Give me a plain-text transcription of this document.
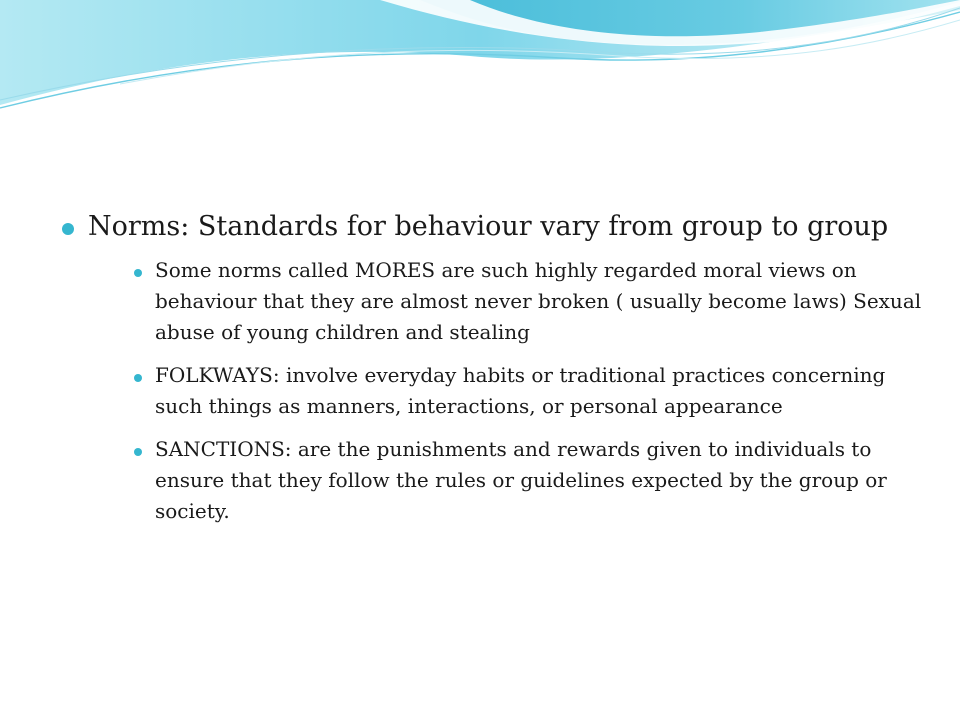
Norms: Standards for behaviour vary from group to group
Some norms called MORES are such highly regarded moral views on behaviour that they are almost never broken ( usually become laws) Sexual abuse of young children and stealing
FOLKWAYS: involve everyday habits or traditional practices concerning such things as manners, interactions, or personal appearance
SANCTIONS: are the punishments and rewards given to individuals to ensure that they follow the rules or guidelines expected by the group or society.
